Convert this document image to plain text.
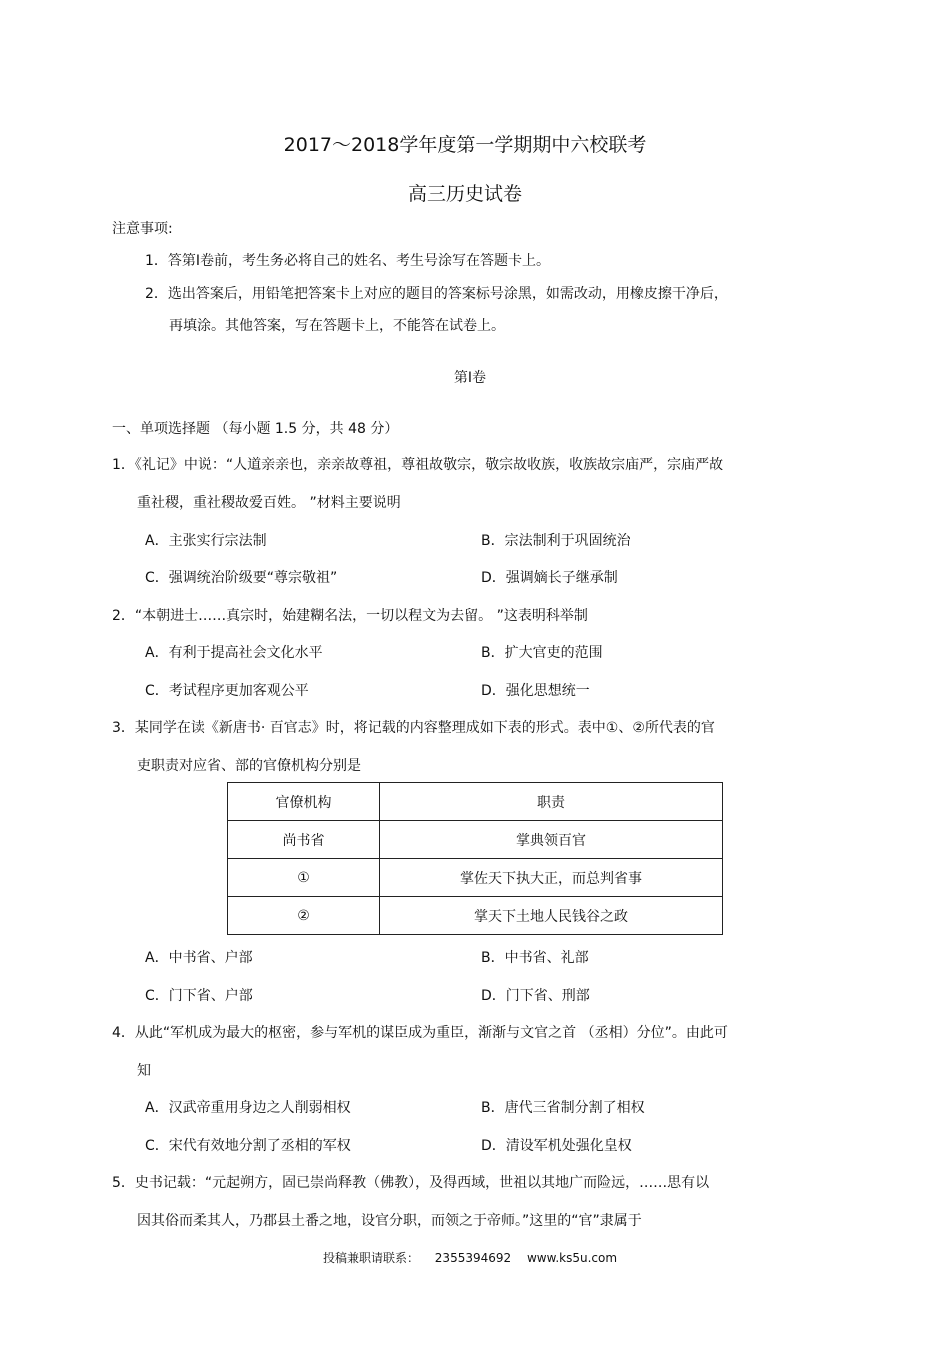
2017～2018学年度第一学期期中六校联考
高三历史试卷
注意事项:
1．答第Ⅰ卷前，考生务必将自己的姓名、考生号涂写在答题卡上。
2．选出答案后，用铅笔把答案卡上对应的题目的答案标号涂黑，如需改动，用橡皮擦干净后，
再填涂。其他答案，写在答题卡上，不能答在试卷上。
第Ⅰ卷
一、单项选择题 （每小题 1.5 分，共 48 分）
1．《礼记》中说：“人道亲亲也，亲亲故尊祖，尊祖故敬宗，敬宗故收族，收族故宗庙严，宗庙严故
重社稷，重社稷故爱百姓。 ”材料主要说明
A．主张实行宗法制	B．宗法制利于巩固统治
C．强调统治阶级要“尊宗敬祖”	D．强调嫡长子继承制
2．“本朝进士……真宗时，始建糊名法，一切以程文为去留。 ”这表明科举制
A．有利于提高社会文化水平	B．扩大官吏的范围
C．考试程序更加客观公平	D．强化思想统一
3．某同学在读《新唐书· 百官志》时，将记载的内容整理成如下表的形式。表中①、②所代表的官
吏职责对应省、部的官僚机构分别是
官僚机构	职责
尚书省	掌典领百官
①	掌佐天下执大正，而总判省事
②	掌天下土地人民钱谷之政
A．中书省、户部	B．中书省、礼部
C．门下省、户部	D．门下省、刑部
4．从此“军机成为最大的枢密，参与军机的谋臣成为重臣，渐渐与文官之首 （丞相）分位”。由此可
知
A．汉武帝重用身边之人削弱相权	B．唐代三省制分割了相权
C．宋代有效地分割了丞相的军权	D．清设军机处强化皇权
5．史书记载：“元起朔方，固已崇尚释教（佛教），及得西域，世祖以其地广而险远，……思有以
因其俗而柔其人，乃郡县土番之地，设官分职，而领之于帝师。”这里的“官”隶属于
投稿兼职请联系： 2355394692 www.ks5u.com
